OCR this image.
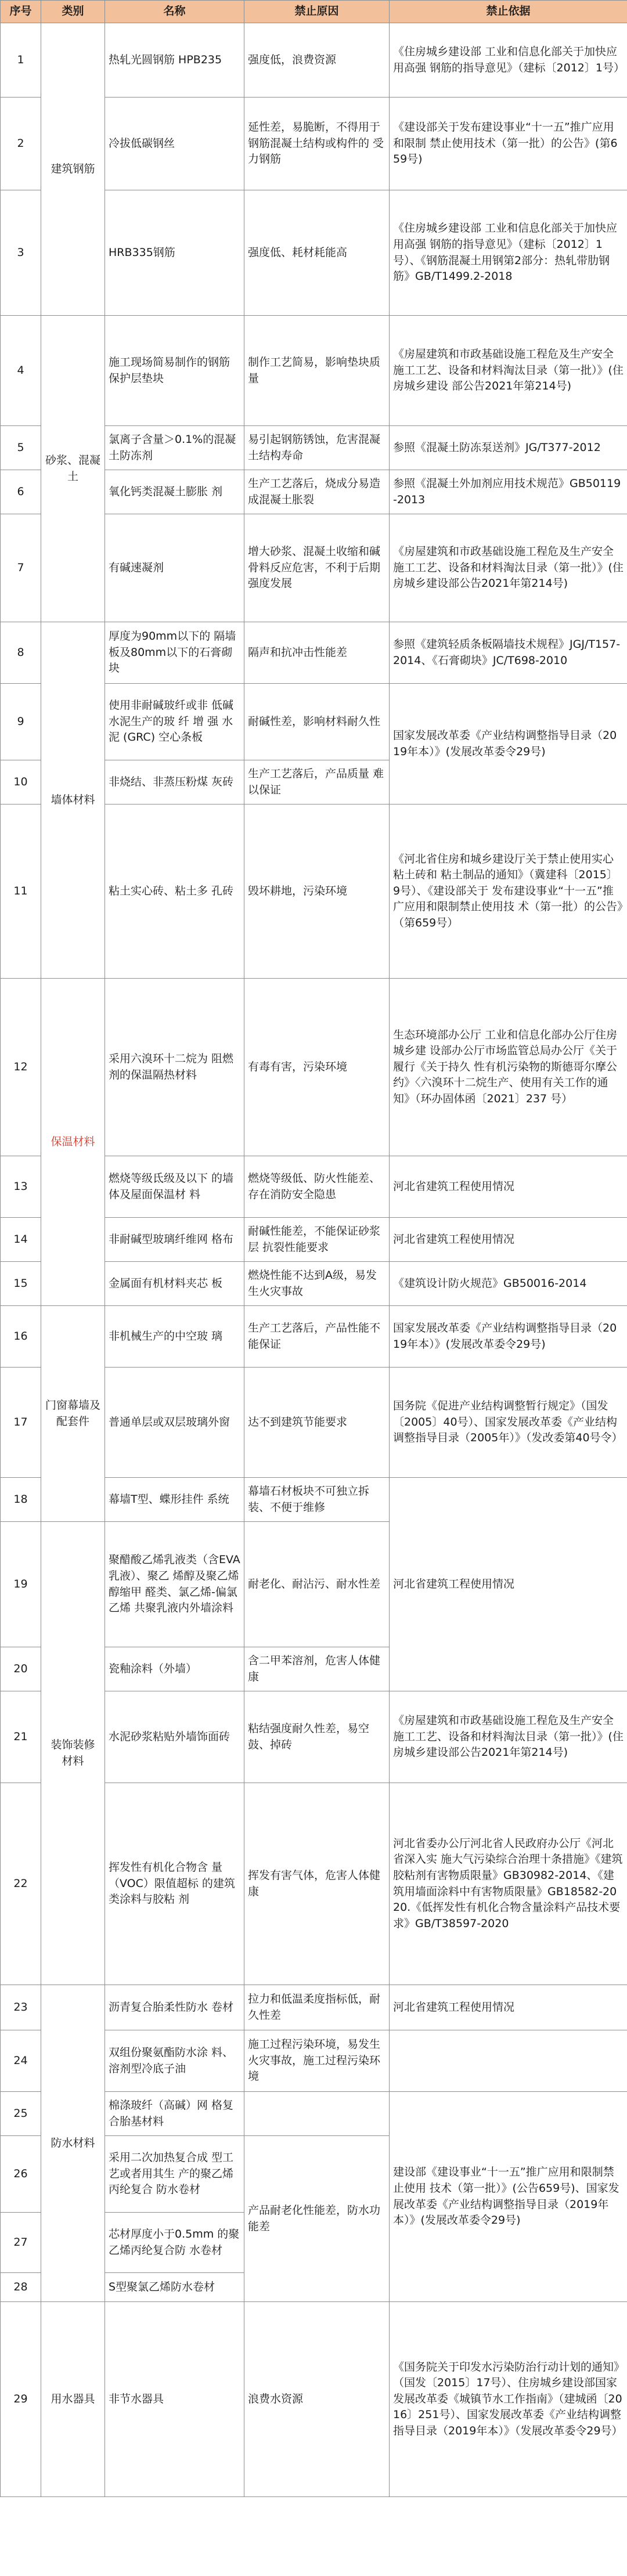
序号	类别	名称	禁止原因	禁止依据
1	建筑钢筋	热轧光圆钢筋 HPB235	强度低，浪费资源	《住房城乡建设部 工业和信息化部关于加快应用高强 钢筋的指导意见》（建标〔2012〕1号）
2		冷拔低碳钢丝	延性差，易脆断，不得用于 钢筋混凝土结构或构件的 受力钢筋	《建设部关于发布建设事业“十一五”推广应用和限制 禁止使用技术（第一批）的公告》(第659号)
3		HRB335钢筋	强度低、耗材耗能高	《住房城乡建设部 工业和信息化部关于加快应用高强 钢筋的指导意见》（建标〔2012〕1号）、《钢筋混凝土用钢第2部分：热轧带肋钢筋》GB/T1499.2-2018
4	砂浆、混凝土	施工现场简易制作的钢筋保护层垫块	制作工艺简易，影响垫块质量	《房屋建筑和市政基础设施工程危及生产安全施工工艺、设备和材料淘汰目录（第一批）》(住房城乡建设 部公告2021年第214号)
5		氯离子含量＞0.1%的混凝土防冻剂	易引起钢筋锈蚀，危害混凝土结构寿命	参照《混凝土防冻泵送剂》JG/T377-2012
6		氧化钙类混凝土膨胀 剂	生产工艺落后，烧成分易造成混凝土胀裂	参照《混凝土外加剂应用技术规范》GB50119-2013
7		有碱速凝剂	增大砂浆、混凝土收缩和碱 骨料反应危害，不利于后期 强度发展	《房屋建筑和市政基础设施工程危及生产安全施工工艺、设备和材料淘汰目录（第一批）》(住房城乡建设部公告2021年第214号)
8	墙体材料	厚度为90mm以下的 隔墙板及80mm以下的石膏砌块	隔声和抗冲击性能差	参照《建筑轻质条板隔墙技术规程》JGJ/T157-2014、《石膏砌块》JC/T698-2010
9		使用非耐碱玻纤或非 低碱水泥生产的玻 纤 增 强 水 泥 (GRC) 空心条板	耐碱性差，影响材料耐久性	国家发展改革委《产业结构调整指导目录（2019年本）》(发展改革委令29号)
10		非烧结、非蒸压粉煤 灰砖	生产工艺落后，产品质量 难 以保证	
11		粘土实心砖、粘土多 孔砖	毁坏耕地，污染环境	《河北省住房和城乡建设厅关于禁止使用实心粘土砖和 粘土制品的通知》（冀建科〔2015〕9号）、《建设部关于 发布建设事业“十一五”推广应用和限制禁止使用技 术（第一批）的公告》（第659号）
12	保温材料	采用六溴环十二烷为 阻燃剂的保温隔热材料	有毒有害，污染环境	生态环境部办公厅 工业和信息化部办公厅住房城乡建 设部办公厅市场监管总局办公厅《关于履行《关于持久 性有机污染物的斯德哥尔摩公约》〈六溴环十二烷生产、使用有关工作的通知》（环办固体函〔2021〕237 号）
13		燃烧等级氐级及以下 的墙体及屋面保温材 料	燃烧等级低、防火性能差、存在消防安全隐患	河北省建筑工程使用情况
14		非耐碱型玻璃纤维网 格布	耐碱性能差，不能保证砂浆层 抗裂性能要求	河北省建筑工程使用情况
15		金属面有机材料夹芯 板	燃烧性能不达到A级，易发 生火灾事故	《建筑设计防火规范》GB50016-2014
16	门窗幕墙及 配套件	非机械生产的中空玻 璃	生产工艺落后，产品性能不 能保证	国家发展改革委《产业结构调整指导目录（2019年本）》(发展改革委令29号)
17		普通单层或双层玻璃外窗	达不到建筑节能要求	国务院《促进产业结构调整暂行规定》（国发〔2005〕40号）、国家发展改革委《产业结构调整指导目录（2005年）》（发改委第40号令）
18		幕墙T型、蝶形挂件 系统	幕墙石材板块不可独立拆 装、不便于维修	河北省建筑工程使用情况
19	装饰装修 材料	聚醋酸乙烯乳液类（含EVA乳液）、聚乙 烯醇及聚乙烯醇缩甲 醛类、氯乙烯-偏氯乙烯 共聚乳液内外墙涂料	耐老化、耐沾污、耐水性差	
20		瓷釉涂料（外墙）	含二甲苯溶剂，危害人体健 康	
21		水泥砂浆粘贴外墙饰面砖	粘结强度耐久性差，易空鼓、掉砖	《房屋建筑和市政基础设施工程危及生产安全施工工艺、设备和材料淘汰目录（第一批）》(住房城乡建设部公告2021年第214号)
22		挥发性有机化合物含 量（VOC）限值超标 的建筑类涂料与胶粘 剂	挥发有害气体，危害人体健 康	河北省委办公厅河北省人民政府办公厅《河北省深入实 施大气污染综合治理十条措施》《建筑胶粘剂有害物质限量》GB30982-2014、《建筑用墙面涂料中有害物质限量》GB18582-2020.《低挥发性有机化合物含量涂料产品技术要求》GB/T38597-2020
23	防水材料	沥青复合胎柔性防水 卷材	拉力和低温柔度指标低，耐 久性差	河北省建筑工程使用情况
24		双组份聚氨酯防水涂 料、溶剂型冷底子油	施工过程污染环境，易发生 火灾事故，施工过程污染环 境	
25		棉涤玻纤（高碱）网 格复合胎基材料		建设部《建设事业“十一五”推广应用和限制禁止使用 技术（第一批）》(公告659号)、国家发展改革委《产业结构调整指导目录（2019年本）》(发展改革委令29号)
26		采用二次加热复合成 型工艺或者用其生 产的聚乙烯丙纶复合 防水卷材	产品耐老化性能差，防水功 能差	
27		芯材厚度小于0.5mm 的聚乙烯丙纶复合防 水卷材		
28		S型聚氯乙烯防水卷材		
29	用水器具	非节水器具	浪费水资源	《国务院关于印发水污染防治行动计划的通知》（国发〔2015〕17号）、住房城乡建设部国家发展改革委《城镇节水工作指南》（建城函〔2016〕251号）、国家发展改革委《产业结构调整指导目录（2019年本）》（发展改革委令29号）
